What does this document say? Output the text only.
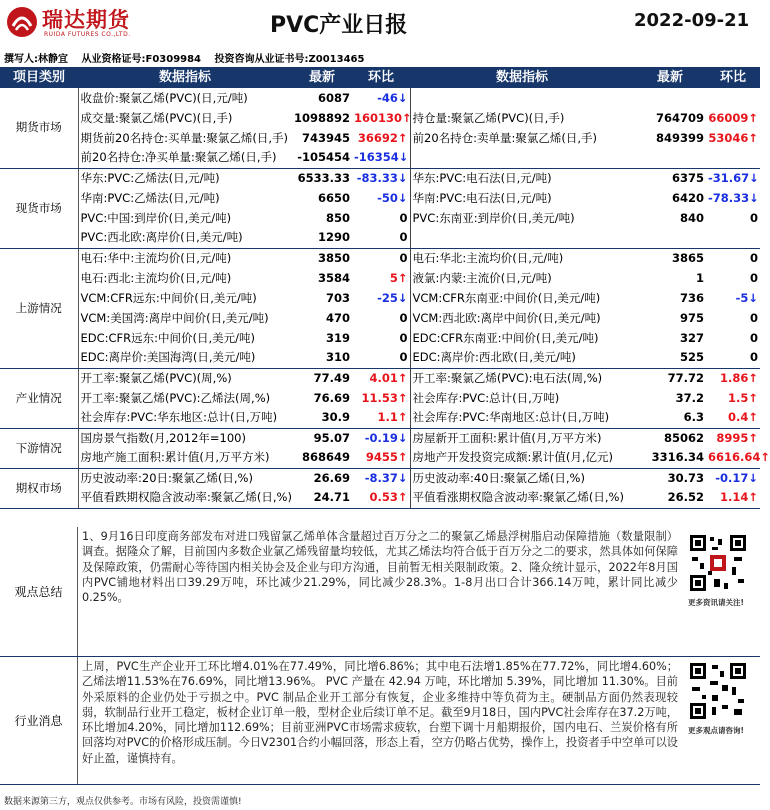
瑞达期货
RUIDA FUTURES CO.,LTD.	PVC产业日报	2022-09-21
撰写人:林静宜 从业资格证号:F0309984 投资咨询从业证书号:Z0013465
项目类别	数据指标	最新	环比	数据指标	最新	环比
期货市场	收盘价:聚氯乙烯(PVC)(日,元/吨)	6087	-46↓			
	成交量:聚氯乙烯(PVC)(日,手)	1098892	160130↑	持仓量:聚氯乙烯(PVC)(日,手)	764709	66009↑
	期货前20名持仓:买单量:聚氯乙烯(日,手)	743945	36692↑	前20名持仓:卖单量:聚氯乙烯(日,手)	849399	53046↑
	前20名持仓:净买单量:聚氯乙烯(日,手)	-105454	-16354↓			
现货市场	华东:PVC:乙烯法(日,元/吨)	6533.33	-83.33↓	华东:PVC:电石法(日,元/吨)	6375	-31.67↓
	华南:PVC:乙烯法(日,元/吨)	6650	-50↓	华南:PVC:电石法(日,元/吨)	6420	-78.33↓
	PVC:中国:到岸价(日,美元/吨)	850	0	PVC:东南亚:到岸价(日,美元/吨)	840	0
	PVC:西北欧:离岸价(日,美元/吨)	1290	0			
上游情况	电石:华中:主流均价(日,元/吨)	3850	0	电石:华北:主流均价(日,元/吨)	3865	0
	电石:西北:主流均价(日,元/吨)	3584	5↑	液氯:内蒙:主流价(日,元/吨)	1	0
	VCM:CFR远东:中间价(日,美元/吨)	703	-25↓	VCM:CFR东南亚:中间价(日,美元/吨)	736	-5↓
	VCM:美国湾:离岸中间价(日,美元/吨)	470	0	VCM:西北欧:离岸中间价(日,美元/吨)	975	0
	EDC:CFR远东:中间价(日,美元/吨)	319	0	EDC:CFR东南亚:中间价(日,美元/吨)	327	0
	EDC:离岸价:美国海湾(日,美元/吨)	310	0	EDC:离岸价:西北欧(日,美元/吨)	525	0
产业情况	开工率:聚氯乙烯(PVC)(周,%)	77.49	4.01↑	开工率:聚氯乙烯(PVC):电石法(周,%)	77.72	1.86↑
	开工率:聚氯乙烯(PVC):乙烯法(周,%)	76.69	11.53↑	社会库存:PVC:总计(日,万吨)	37.2	1.5↑
	社会库存:PVC:华东地区:总计(日,万吨)	30.9	1.1↑	社会库存:PVC:华南地区:总计(日,万吨)	6.3	0.4↑
下游情况	国房景气指数(月,2012年=100)	95.07	-0.19↓	房屋新开工面积:累计值(月,万平方米)	85062	8995↑
	房地产施工面积:累计值(月,万平方米)	868649	9455↑	房地产开发投资完成额:累计值(月,亿元)	3316.34	6616.64↑
期权市场	历史波动率:20日:聚氯乙烯(日,%)	26.69	-8.37↓	历史波动率:40日:聚氯乙烯(日,%)	30.73	-0.17↓
	平值看跌期权隐含波动率:聚氯乙烯(日,%)	24.71	0.53↑	平值看涨期权隐含波动率:聚氯乙烯(日,%)	26.52	1.14↑
观点总结
1、9月16日印度商务部发布对进口残留氯乙烯单体含量超过百万分之二的聚氯乙烯悬浮树脂启动保障措施（数量限制）调查。据隆众了解，目前国内多数企业氯乙烯残留量均较低，尤其乙烯法均符合低于百万分之二的要求，然具体如何保障及保障政策，仍需耐心等待国内相关协会及企业与印方沟通，目前暂无相关限制政策。2、隆众统计显示，2022年8月国内PVC铺地材料出口39.29万吨，环比减少21.29%，同比减少28.3%。1-8月出口合计366.14万吨，累计同比减少0.25%。	更多资讯请关注!
行业消息
上周，PVC生产企业开工环比增4.01%在77.49%，同比增6.86%；其中电石法增1.85%在77.72%，同比增4.60%；乙烯法增11.53%在76.69%，同比增13.96%。 PVC 产量在 42.94 万吨，环比增加 5.39%，同比增加 11.30%。目前外采原料的企业仍处于亏损之中。PVC 制品企业开工部分有恢复，企业多维持中等负荷为主。硬制品方面仍然表现较弱，软制品行业开工稳定，板材企业订单一般，型材企业后续订单不足。截至9月18日，国内PVC社会库存在37.2万吨，环比增加4.20%，同比增加112.69%；目前亚洲PVC市场需求疲软，台塑下调十月船期报价，国内电石、兰炭价格有所回落均对PVC的价格形成压制。今日V2301合约小幅回落，形态上看，空方仍略占优势，操作上，投资者手中空单可以设好止盈，谨慎持有。
更多观点请咨询!
数据来源第三方，观点仅供参考。市场有风险，投资需谨慎!
